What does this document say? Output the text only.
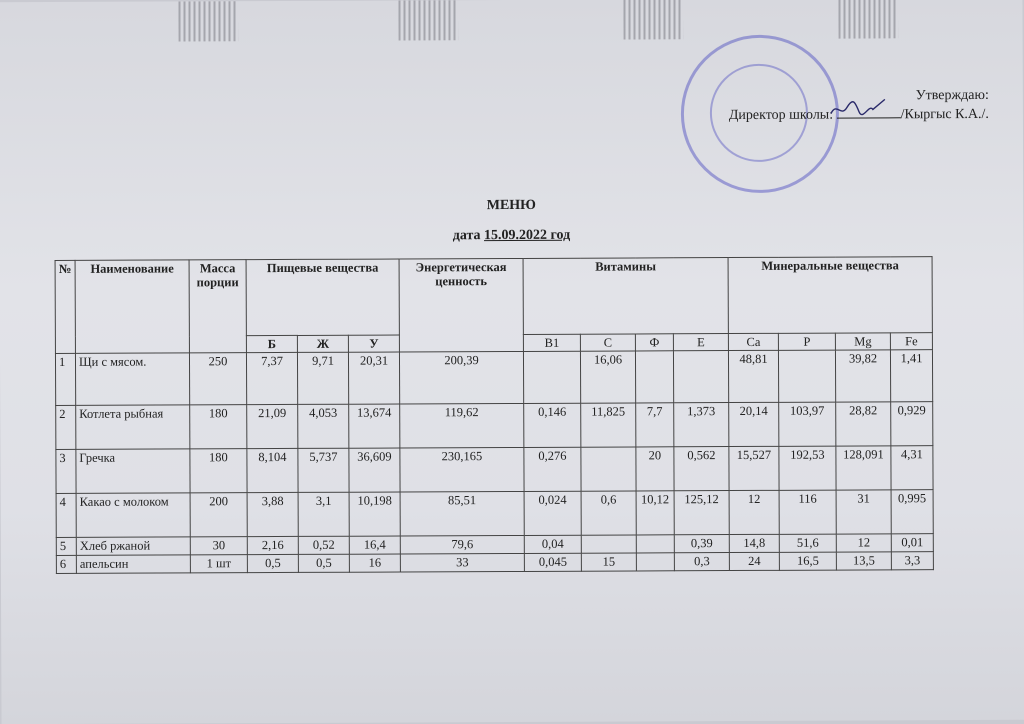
Утверждаю:
Директор школы:	/Кыргыс К.А./.
МЕНЮ
дата 15.09.2022 год
№	Наименование	Масса порции	Пищевые вещества			Энергетическая ценность	Витамины				Минеральные вещества			
			Б	Ж	У		B1	C	Ф	E	Ca	P	Mg	Fe
1	Щи с мясом.	250	7,37	9,71	20,31	200,39		16,06			48,81		39,82	1,41
2	Котлета рыбная	180	21,09	4,053	13,674	119,62	0,146	11,825	7,7	1,373	20,14	103,97	28,82	0,929
3	Гречка	180	8,104	5,737	36,609	230,165	0,276		20	0,562	15,527	192,53	128,091	4,31
4	Какао с молоком	200	3,88	3,1	10,198	85,51	0,024	0,6	10,12	125,12	12	116	31	0,995
5	Хлеб ржаной	30	2,16	0,52	16,4	79,6	0,04			0,39	14,8	51,6	12	0,01
6	апельсин	1 шт	0,5	0,5	16	33	0,045	15		0,3	24	16,5	13,5	3,3
